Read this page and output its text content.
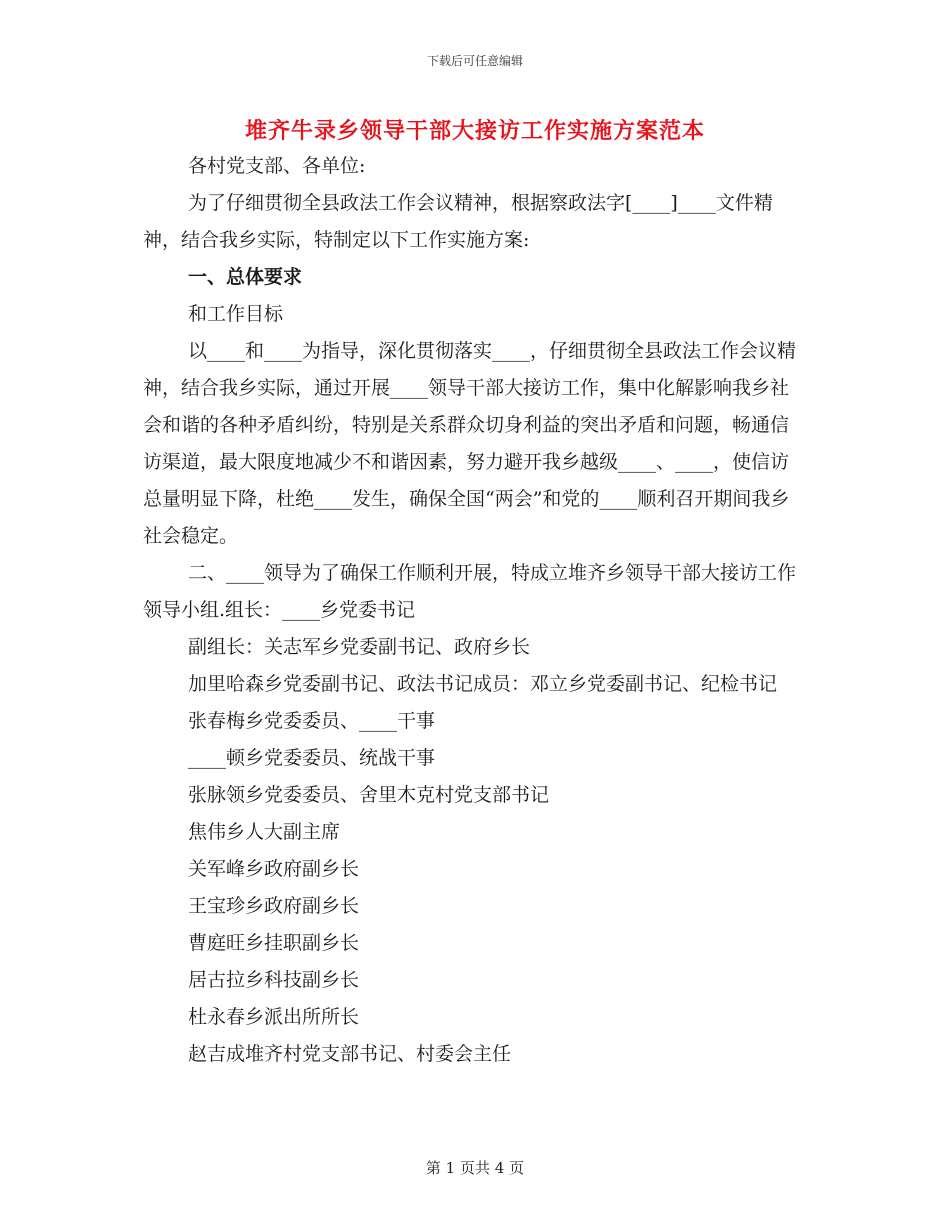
下载后可任意编辑
堆齐牛录乡领导干部大接访工作实施方案范本

各村党支部、各单位:

为了仔细贯彻全县政法工作会议精神，根据察政法字[____]____文件精神，结合我乡实际，特制定以下工作实施方案:

一、总体要求

和工作目标

以____和____为指导，深化贯彻落实____，仔细贯彻全县政法工作会议精神，结合我乡实际，通过开展____领导干部大接访工作，集中化解影响我乡社会和谐的各种矛盾纠纷，特别是关系群众切身利益的突出矛盾和问题，畅通信访渠道，最大限度地减少不和谐因素，努力避开我乡越级____、____，使信访总量明显下降，杜绝____发生，确保全国“两会”和党的____顺利召开期间我乡社会稳定。

二、____领导为了确保工作顺利开展，特成立堆齐乡领导干部大接访工作领导小组.组长：____乡党委书记

副组长：关志军乡党委副书记、政府乡长

加里哈森乡党委副书记、政法书记成员：邓立乡党委副书记、纪检书记

张春梅乡党委委员、____干事

____顿乡党委委员、统战干事

张脉领乡党委委员、舍里木克村党支部书记

焦伟乡人大副主席

关军峰乡政府副乡长

王宝珍乡政府副乡长

曹庭旺乡挂职副乡长

居古拉乡科技副乡长

杜永春乡派出所所长

赵吉成堆齐村党支部书记、村委会主任

第 1 页共 4 页
